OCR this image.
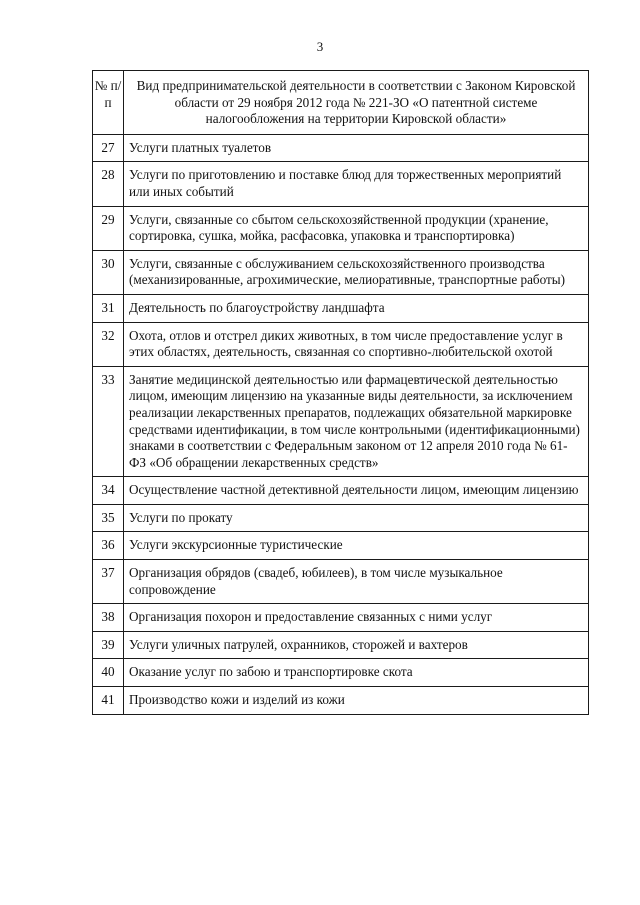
3
№ п/п	Вид предпринимательской деятельности в соответствии с Законом Кировской области от 29 ноября 2012 года № 221-ЗО «О патентной системе налогообложения на территории Кировской области»
27	Услуги платных туалетов
28	Услуги по приготовлению и поставке блюд для торжественных мероприятий или иных событий
29	Услуги, связанные со сбытом сельскохозяйственной продукции (хранение, сортировка, сушка, мойка, расфасовка, упаковка и транспортировка)
30	Услуги, связанные с обслуживанием сельскохозяйственного производства (механизированные, агрохимические, мелиоративные, транспортные работы)
31	Деятельность по благоустройству ландшафта
32	Охота, отлов и отстрел диких животных, в том числе предоставление услуг в этих областях, деятельность, связанная со спортивно-любительской охотой
33	Занятие медицинской деятельностью или фармацевтической деятельностью лицом, имеющим лицензию на указанные виды деятельности, за исключением реализации лекарственных препаратов, подлежащих обязательной маркировке средствами идентификации, в том числе контрольными (идентификационными) знаками в соответствии с Федеральным законом от 12 апреля 2010 года № 61-ФЗ «Об обращении лекарственных средств»
34	Осуществление частной детективной деятельности лицом, имеющим лицензию
35	Услуги по прокату
36	Услуги экскурсионные туристические
37	Организация обрядов (свадеб, юбилеев), в том числе музыкальное сопровождение
38	Организация похорон и предоставление связанных с ними услуг
39	Услуги уличных патрулей, охранников, сторожей и вахтеров
40	Оказание услуг по забою и транспортировке скота
41	Производство кожи и изделий из кожи
